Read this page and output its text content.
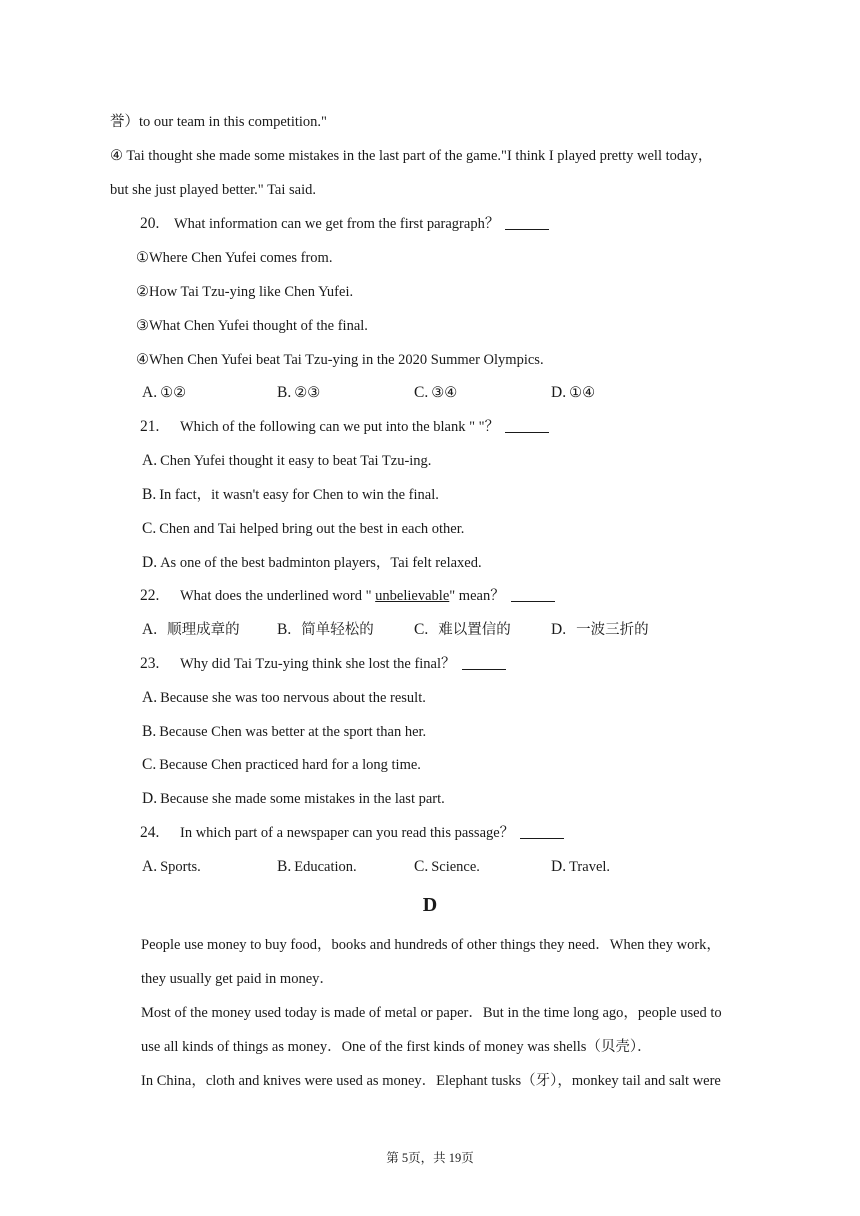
誉）to our team in this competition."
④ Tai thought she made some mistakes in the last part of the game."I think I played pretty well today，
but she just played better." Tai said.
20. What information can we get from the first paragraph？
①Where Chen Yufei comes from.
②How Tai Tzu-ying like Chen Yufei.
③What Chen Yufei thought of the final.
④When Chen Yufei beat Tai Tzu-ying in the 2020 Summer Olympics.
A. ①②	B. ②③	C. ③④	D. ①④
21. Which of the following can we put into the blank " "？
A. Chen Yufei thought it easy to beat Tai Tzu-ing.
B. In fact，it wasn't easy for Chen to win the final.
C. Chen and Tai helped bring out the best in each other.
D. As one of the best badminton players，Tai felt relaxed.
22. What does the underlined word " unbelievable" mean？
A. 顺理成章的 B. 简单轻松的	C. 难以置信的	D. 一波三折的
23. Why did Tai Tzu-ying think she lost the final？
A. Because she was too nervous about the result.
B. Because Chen was better at the sport than her.
C. Because Chen practiced hard for a long time.
D. Because she made some mistakes in the last part.
24. In which part of a newspaper can you read this passage？
A. Sports.	B. Education.	C. Science.	D. Travel.
D
People use money to buy food，books and hundreds of other things they need．When they work，
they usually get paid in money．
Most of the money used today is made of metal or paper．But in the time long ago，people used to
use all kinds of things as money．One of the first kinds of money was shells（贝壳）．
In China，cloth and knives were used as money．Elephant tusks（牙），monkey tail and salt were
第 5页，共 19页
